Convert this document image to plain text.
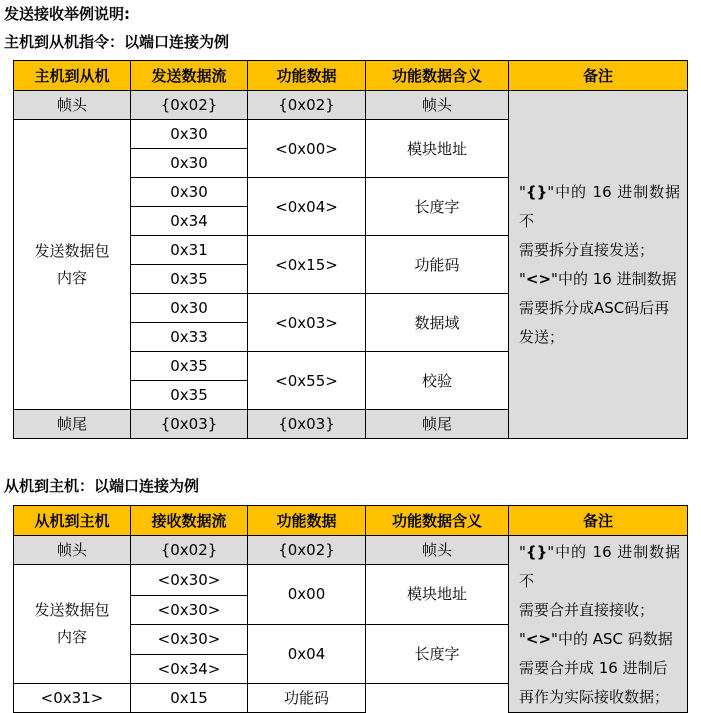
发送接收举例说明:
主机到从机指令：以端口连接为例
主机到从机	发送数据流	功能数据	功能数据含义	备注
帧头	{0x02}	{0x02}	帧头	"{}"中的 16 进制数据不
需要拆分直接发送；
"<>"中的 16 进制数据
需要拆分成ASC码后再
发送；

发送数据包
内容	0x30	<0x00>	模块地址	
	0x30			
	0x30	<0x04>	长度字	
	0x34			
	0x31	<0x15>	功能码	
	0x35			
	0x30	<0x03>	数据域	
	0x33			
	0x35	<0x55>	校验	
	0x35			
帧尾	{0x03}	{0x03}	帧尾	
从机到主机：以端口连接为例
从机到主机	接收数据流	功能数据	功能数据含义	备注
帧头	{0x02}	{0x02}	帧头	"{}"中的 16 进制数据不
需要合并直接接收；
"<>"中的 ASC 码数据
需要合并成 16 进制后
再作为实际接收数据；

发送数据包
内容	<0x30>	0x00	模块地址	
	<0x30>			
	<0x30>	0x04	长度字	
	<0x34>			
<0x31>	0x15	功能码		
